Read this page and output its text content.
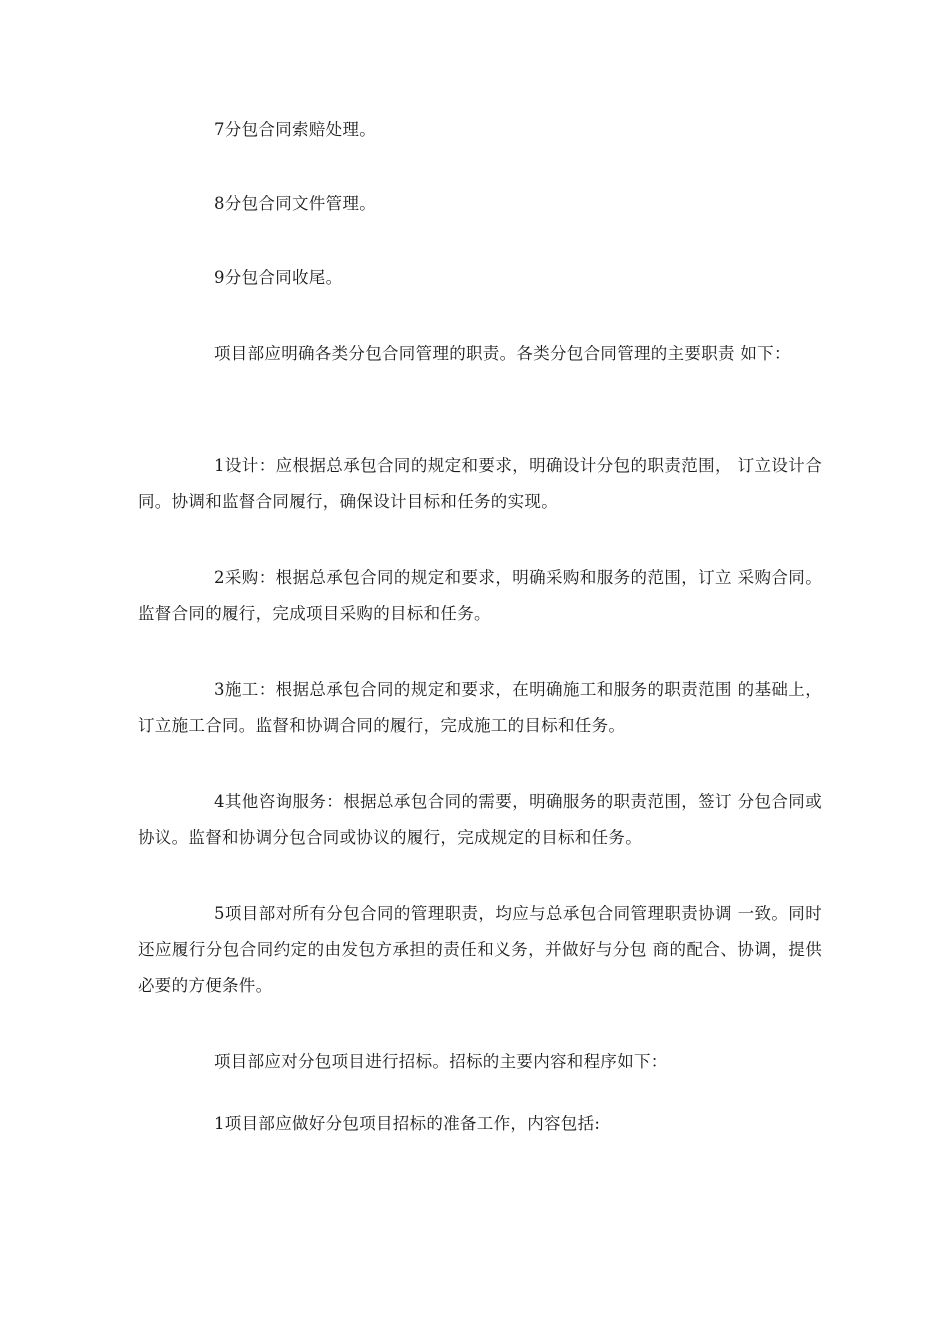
7分包合同索赔处理。

8分包合同文件管理。

9分包合同收尾。

项目部应明确各类分包合同管理的职责。各类分包合同管理的主要职责 如下：

1设计：应根据总承包合同的规定和要求，明确设计分包的职责范围， 订立设计合同。协调和监督合同履行，确保设计目标和任务的实现。

2采购：根据总承包合同的规定和要求，明确采购和服务的范围，订立 采购合同。监督合同的履行，完成项目采购的目标和任务。

3施工：根据总承包合同的规定和要求，在明确施工和服务的职责范围 的基础上，订立施工合同。监督和协调合同的履行，完成施工的目标和任务。

4其他咨询服务：根据总承包合同的需要，明确服务的职责范围，签订 分包合同或协议。监督和协调分包合同或协议的履行，完成规定的目标和任务。

5项目部对所有分包合同的管理职责，均应与总承包合同管理职责协调 一致。同时还应履行分包合同约定的由发包方承担的责任和义务，并做好与分包 商的配合、协调，提供必要的方便条件。

项目部应对分包项目进行招标。招标的主要内容和程序如下：

1项目部应做好分包项目招标的准备工作，内容包括:
